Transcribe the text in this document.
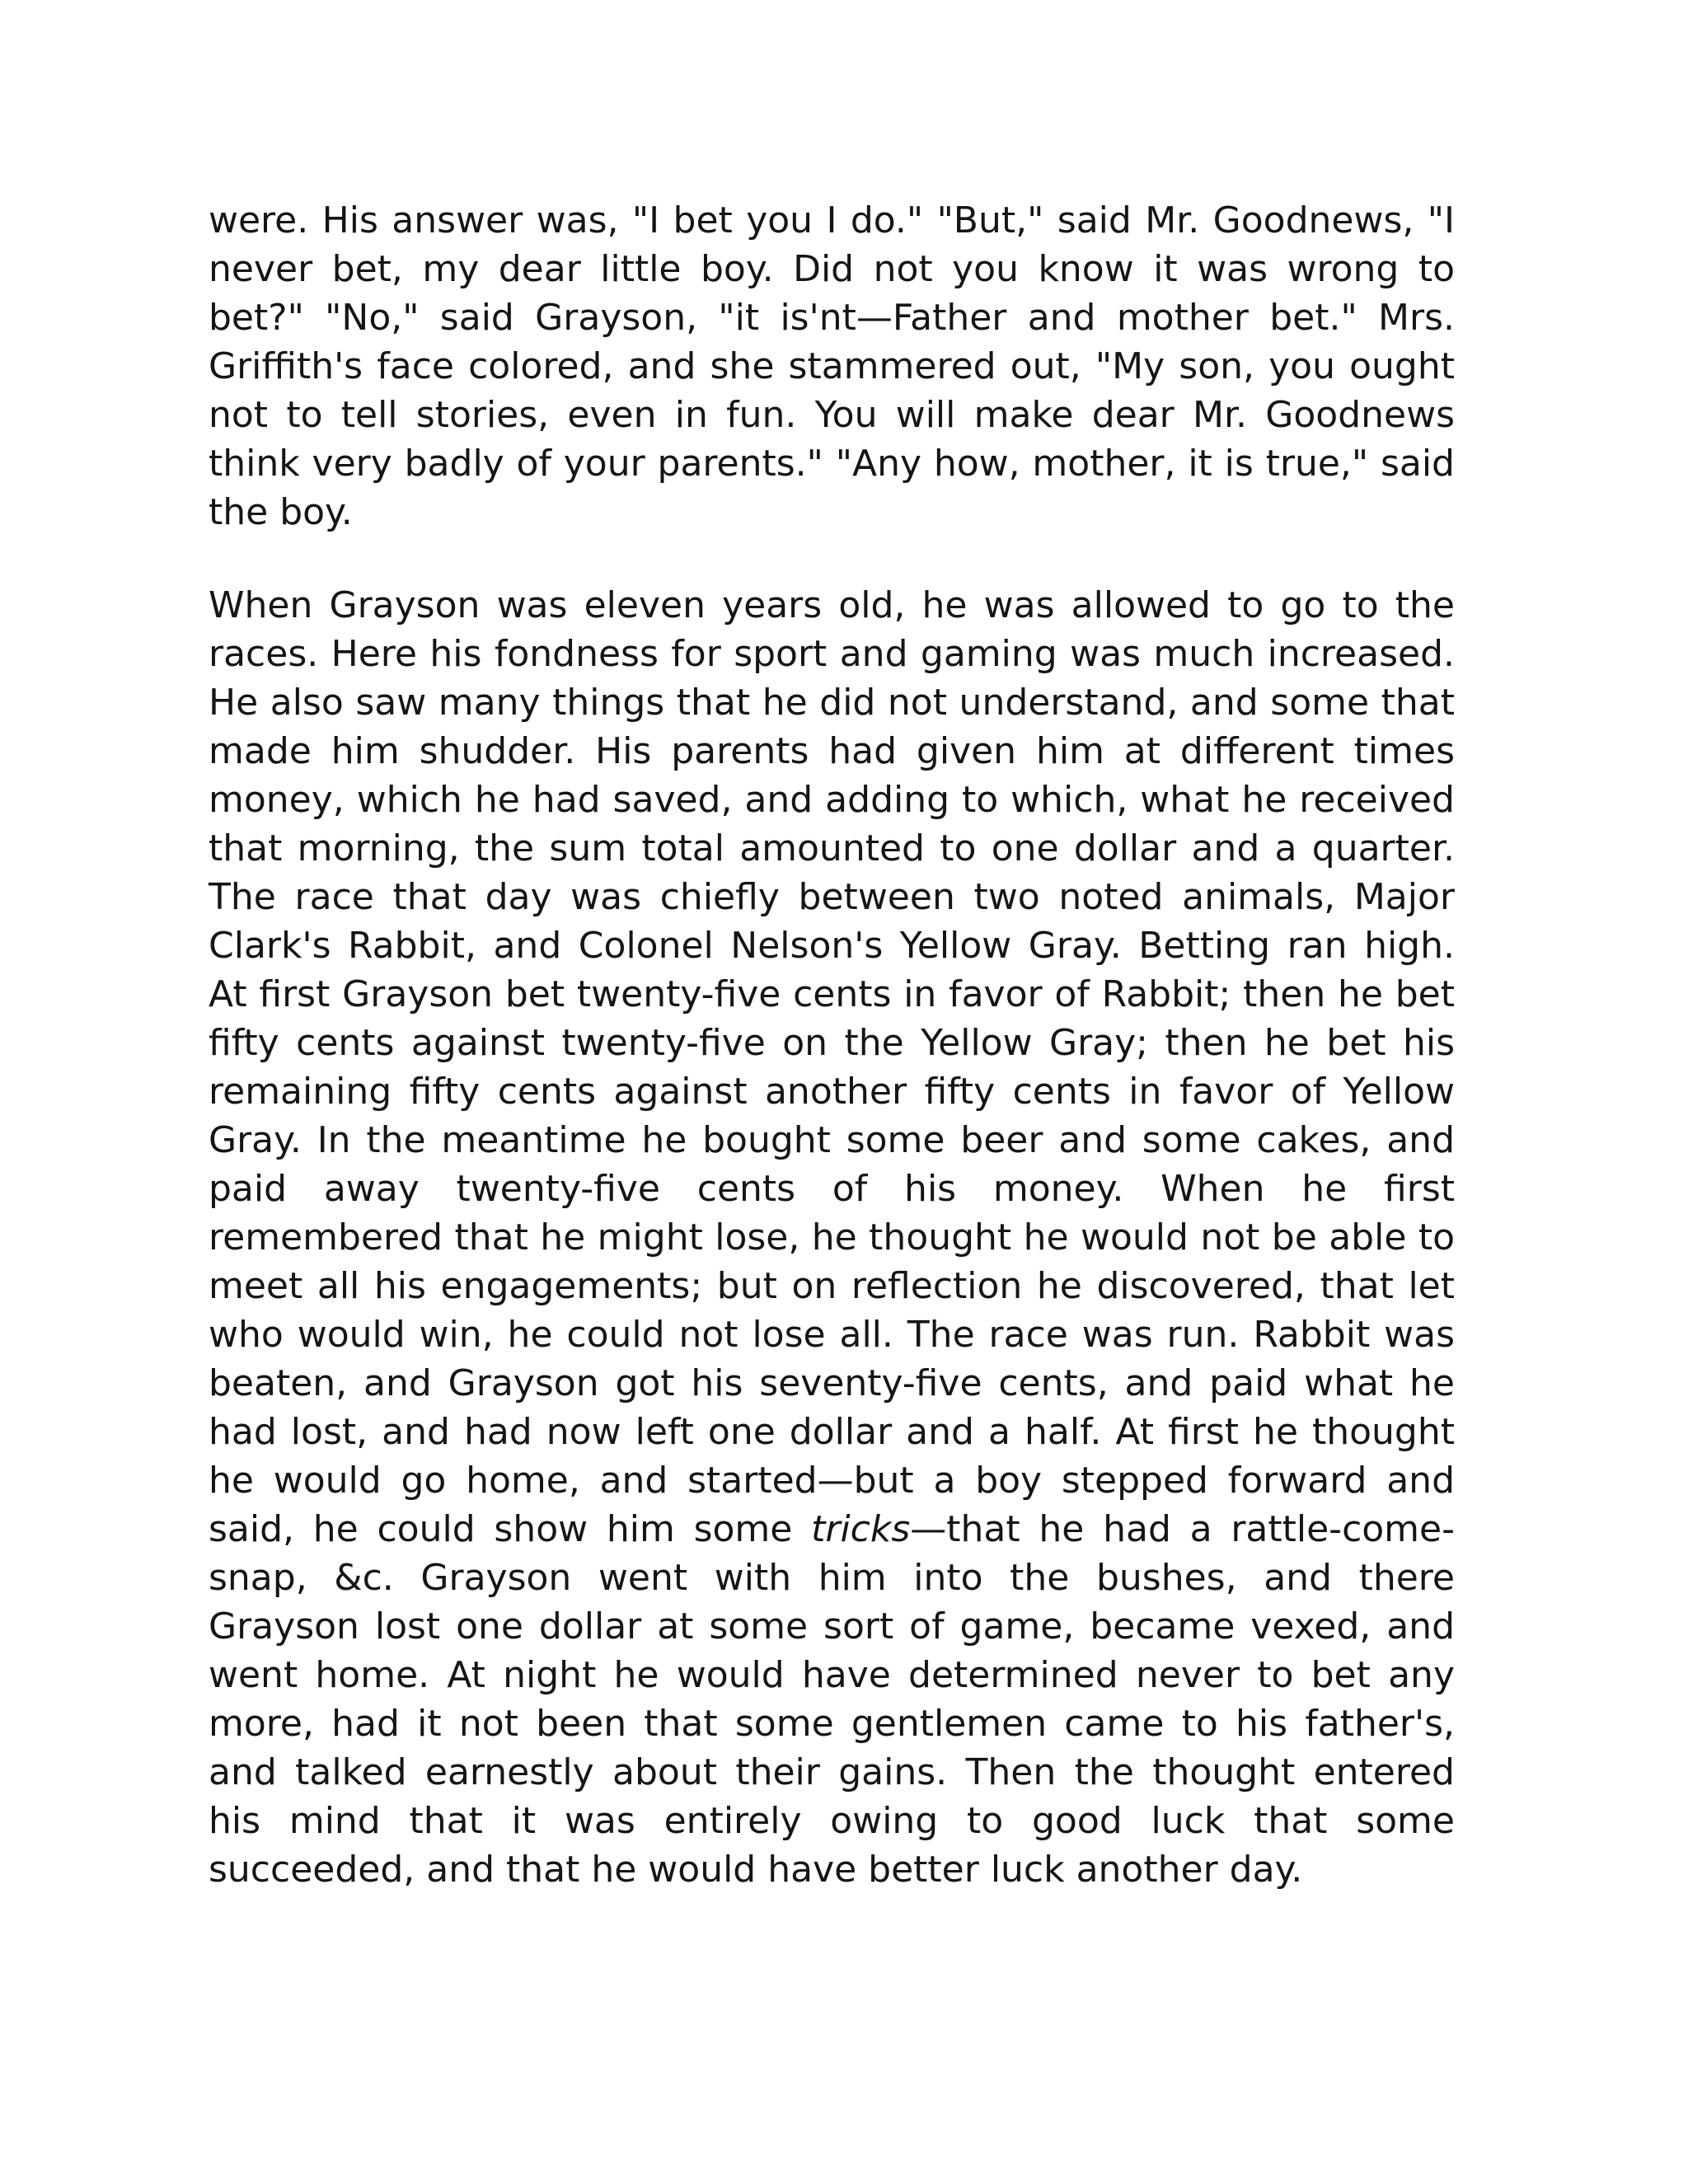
were. His answer was, "I bet you I do." "But," said Mr. Goodnews, "I never bet, my dear little boy. Did not you know it was wrong to bet?" "No," said Grayson, "it is'nt—Father and mother bet." Mrs. Griffith's face colored, and she stammered out, "My son, you ought not to tell stories, even in fun. You will make dear Mr. Goodnews think very badly of your parents." "Any how, mother, it is true," said the boy.

When Grayson was eleven years old, he was allowed to go to the races. Here his fondness for sport and gaming was much increased. He also saw many things that he did not understand, and some that made him shudder. His parents had given him at different times money, which he had saved, and adding to which, what he received that morning, the sum total amounted to one dollar and a quarter. The race that day was chiefly between two noted animals, Major Clark's Rabbit, and Colonel Nelson's Yellow Gray. Betting ran high. At first Grayson bet twenty-five cents in favor of Rabbit; then he bet fifty cents against twenty-five on the Yellow Gray; then he bet his remaining fifty cents against another fifty cents in favor of Yellow Gray. In the meantime he bought some beer and some cakes, and paid away twenty-five cents of his money. When he first remembered that he might lose, he thought he would not be able to meet all his engagements; but on reflection he discovered, that let who would win, he could not lose all. The race was run. Rabbit was beaten, and Grayson got his seventy-five cents, and paid what he had lost, and had now left one dollar and a half. At first he thought he would go home, and started—but a boy stepped forward and said, he could show him some tricks—that he had a rattle-come-snap, &c. Grayson went with him into the bushes, and there Grayson lost one dollar at some sort of game, became vexed, and went home. At night he would have determined never to bet any more, had it not been that some gentlemen came to his father's, and talked earnestly about their gains. Then the thought entered his mind that it was entirely owing to good luck that some succeeded, and that he would have better luck another day.
